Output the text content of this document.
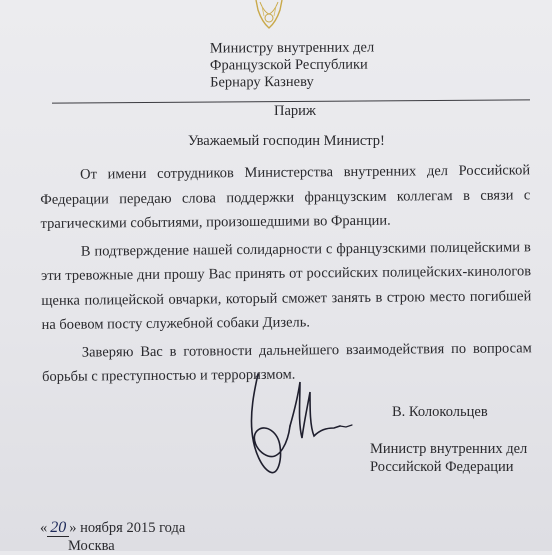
Министру внутренних дел
Французской Республики
Бернару Казневу
Париж
Уважаемый господин Министр!

От имени сотрудников Министерства внутренних дел Российской Федерации передаю слова поддержки французским коллегам в связи с трагическими событиями, произошедшими во Франции.

В подтверждение нашей солидарности с французскими полицейскими в эти тревожные дни прошу Вас принять от российских полицейских-кинологов щенка полицейской овчарки, который сможет занять в строю место погибшей на боевом посту служебной собаки Дизель.

Заверяю Вас в готовности дальнейшего взаимодействия по вопросам борьбы с преступностью и терроризмом.

В. Колокольцев
Министр внутренних дел
Российской Федерации
« 20 » ноября 2015 года
Москва
